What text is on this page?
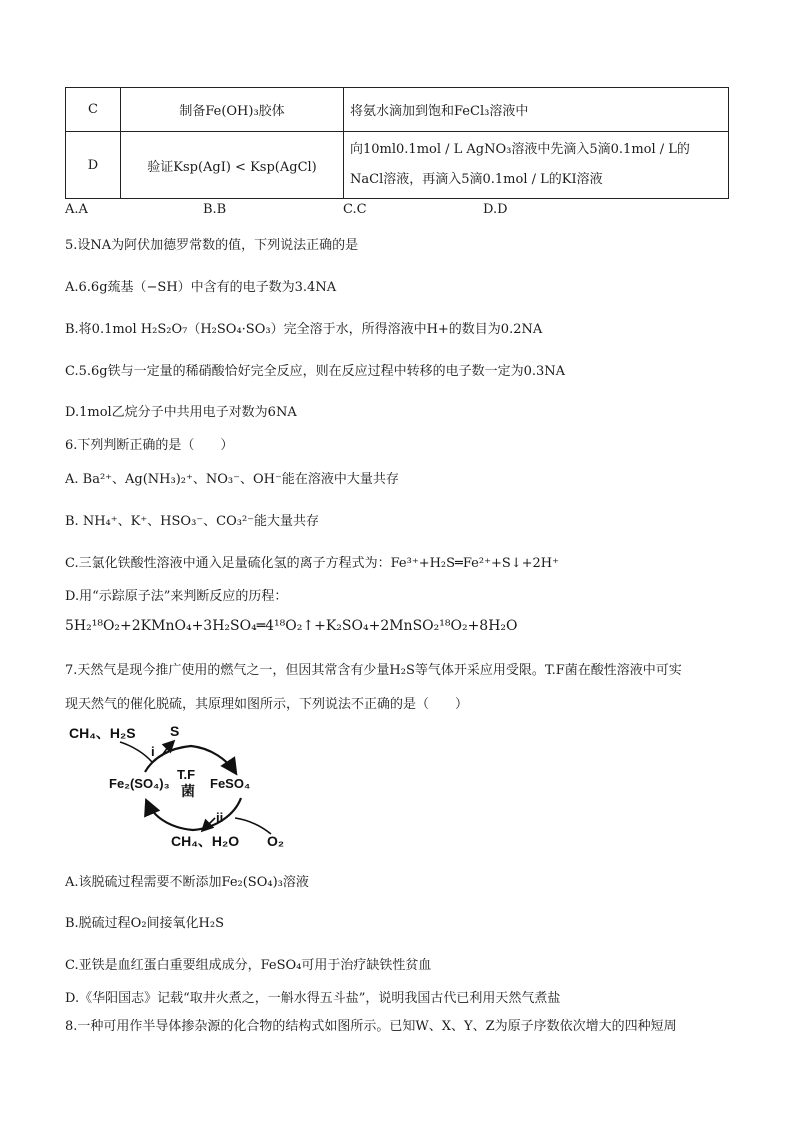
C	制备Fe(OH)₃胶体	将氨水滴加到饱和FeCl₃溶液中
D	验证Ksp(AgI) < Ksp(AgCl)	向10ml0.1mol / L AgNO₃溶液中先滴入5滴0.1mol / L的
NaCl溶液，再滴入5滴0.1mol / L的KI溶液
A.A	B.B	C.C	D.D
5.设NA为阿伏加德罗常数的值，下列说法正确的是
A.6.6g巯基（−SH）中含有的电子数为3.4NA
B.将0.1mol H₂S₂O₇（H₂SO₄·SO₃）完全溶于水，所得溶液中H+的数目为0.2NA
C.5.6g铁与一定量的稀硝酸恰好完全反应，则在反应过程中转移的电子数一定为0.3NA
D.1mol乙烷分子中共用电子对数为6NA
6.下列判断正确的是（　　）
A. Ba²⁺、Ag(NH₃)₂⁺、NO₃⁻、OH⁻能在溶液中大量共存
B. NH₄⁺、K⁺、HSO₃⁻、CO₃²⁻能大量共存
C.三氯化铁酸性溶液中通入足量硫化氢的离子方程式为：Fe³⁺+H₂S═Fe²⁺+S↓+2H⁺
D.用“示踪原子法”来判断反应的历程：
5H₂¹⁸O₂+2KMnO₄+3H₂SO₄═4¹⁸O₂↑+K₂SO₄+2MnSO₂¹⁸O₂+8H₂O
7.天然气是现今推广使用的燃气之一，但因其常含有少量H₂S等气体开采应用受限。T.F菌在酸性溶液中可实
现天然气的催化脱硫，其原理如图所示，下列说法不正确的是（　　）
CH₄、H₂S S
i
Fe₂(SO₄)₃
T.F
菌 FeSO₄
ii
CH₄、H₂O O₂
A.该脱硫过程需要不断添加Fe₂(SO₄)₃溶液
B.脱硫过程O₂间接氧化H₂S
C.亚铁是血红蛋白重要组成成分，FeSO₄可用于治疗缺铁性贫血
D.《华阳国志》记载“取井火煮之，一斛水得五斗盐”，说明我国古代已利用天然气煮盐
8.一种可用作半导体掺杂源的化合物的结构式如图所示。已知W、X、Y、Z为原子序数依次增大的四种短周
